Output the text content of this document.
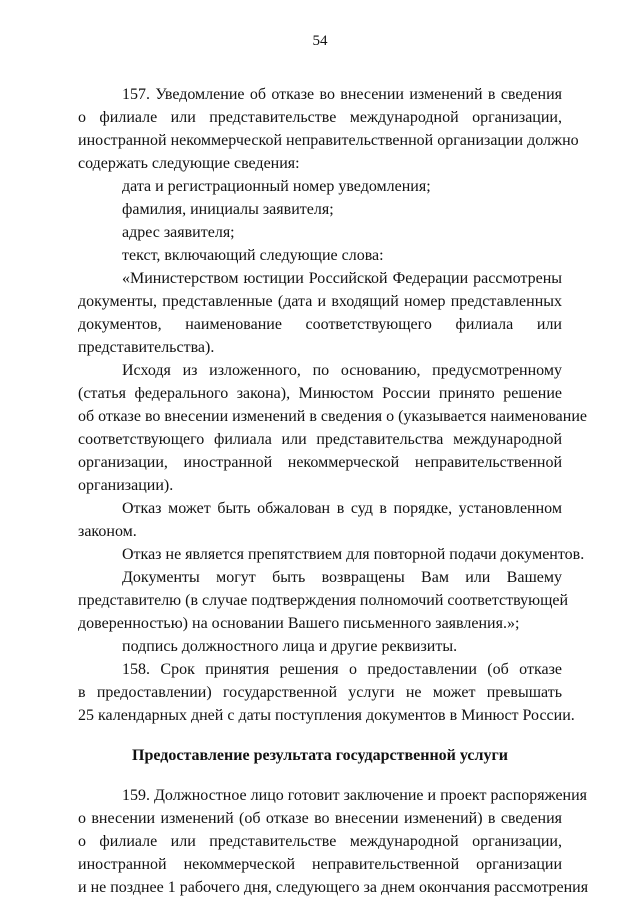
54
157. Уведомление об отказе во внесении изменений в сведения
о филиале или представительстве международной организации,
иностранной некоммерческой неправительственной организации должно
содержать следующие сведения:
дата и регистрационный номер уведомления;
фамилия, инициалы заявителя;
адрес заявителя;
текст, включающий следующие слова:
«Министерством юстиции Российской Федерации рассмотрены
документы, представленные (дата и входящий номер представленных
документов, наименование соответствующего филиала или
представительства).
Исходя из изложенного, по основанию, предусмотренному
(статья федерального закона), Минюстом России принято решение
об отказе во внесении изменений в сведения о (указывается наименование
соответствующего филиала или представительства международной
организации, иностранной некоммерческой неправительственной
организации).
Отказ может быть обжалован в суд в порядке, установленном
законом.
Отказ не является препятствием для повторной подачи документов.
Документы могут быть возвращены Вам или Вашему
представителю (в случае подтверждения полномочий соответствующей
доверенностью) на основании Вашего письменного заявления.»;
подпись должностного лица и другие реквизиты.
158. Срок принятия решения о предоставлении (об отказе
в предоставлении) государственной услуги не может превышать
25 календарных дней с даты поступления документов в Минюст России.
Предоставление результата государственной услуги
159. Должностное лицо готовит заключение и проект распоряжения
о внесении изменений (об отказе во внесении изменений) в сведения
о филиале или представительстве международной организации,
иностранной некоммерческой неправительственной организации
и не позднее 1 рабочего дня, следующего за днем окончания рассмотрения
